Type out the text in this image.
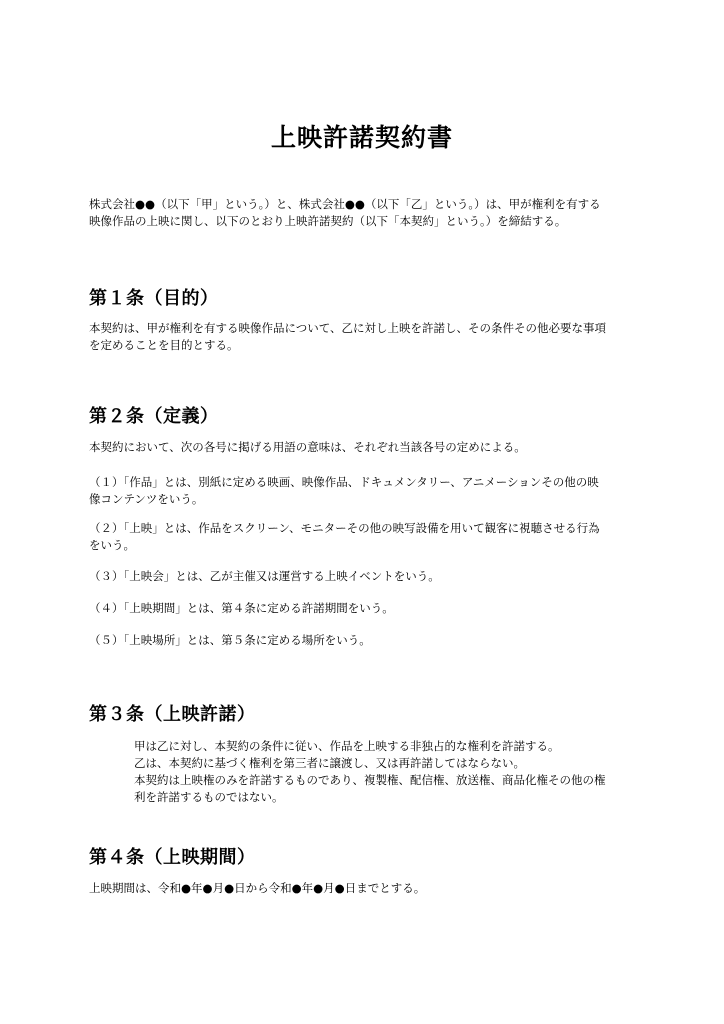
上映許諾契約書
株式会社●●（以下「甲」という。）と、株式会社●●（以下「乙」という。）は、甲が権利を有する
映像作品の上映に関し、以下のとおり上映許諾契約（以下「本契約」という。）を締結する。
第１条（目的）
本契約は、甲が権利を有する映像作品について、乙に対し上映を許諾し、その条件その他必要な事項
を定めることを目的とする。
第２条（定義）
本契約において、次の各号に掲げる用語の意味は、それぞれ当該各号の定めによる。
（１）「作品」とは、別紙に定める映画、映像作品、ドキュメンタリー、アニメーションその他の映
像コンテンツをいう。
（２）「上映」とは、作品をスクリーン、モニターその他の映写設備を用いて観客に視聴させる行為
をいう。
（３）「上映会」とは、乙が主催又は運営する上映イベントをいう。
（４）「上映期間」とは、第４条に定める許諾期間をいう。
（５）「上映場所」とは、第５条に定める場所をいう。
第３条（上映許諾）
甲は乙に対し、本契約の条件に従い、作品を上映する非独占的な権利を許諾する。
乙は、本契約に基づく権利を第三者に譲渡し、又は再許諾してはならない。
本契約は上映権のみを許諾するものであり、複製権、配信権、放送権、商品化権その他の権
利を許諾するものではない。
第４条（上映期間）
上映期間は、令和●年●月●日から令和●年●月●日までとする。
